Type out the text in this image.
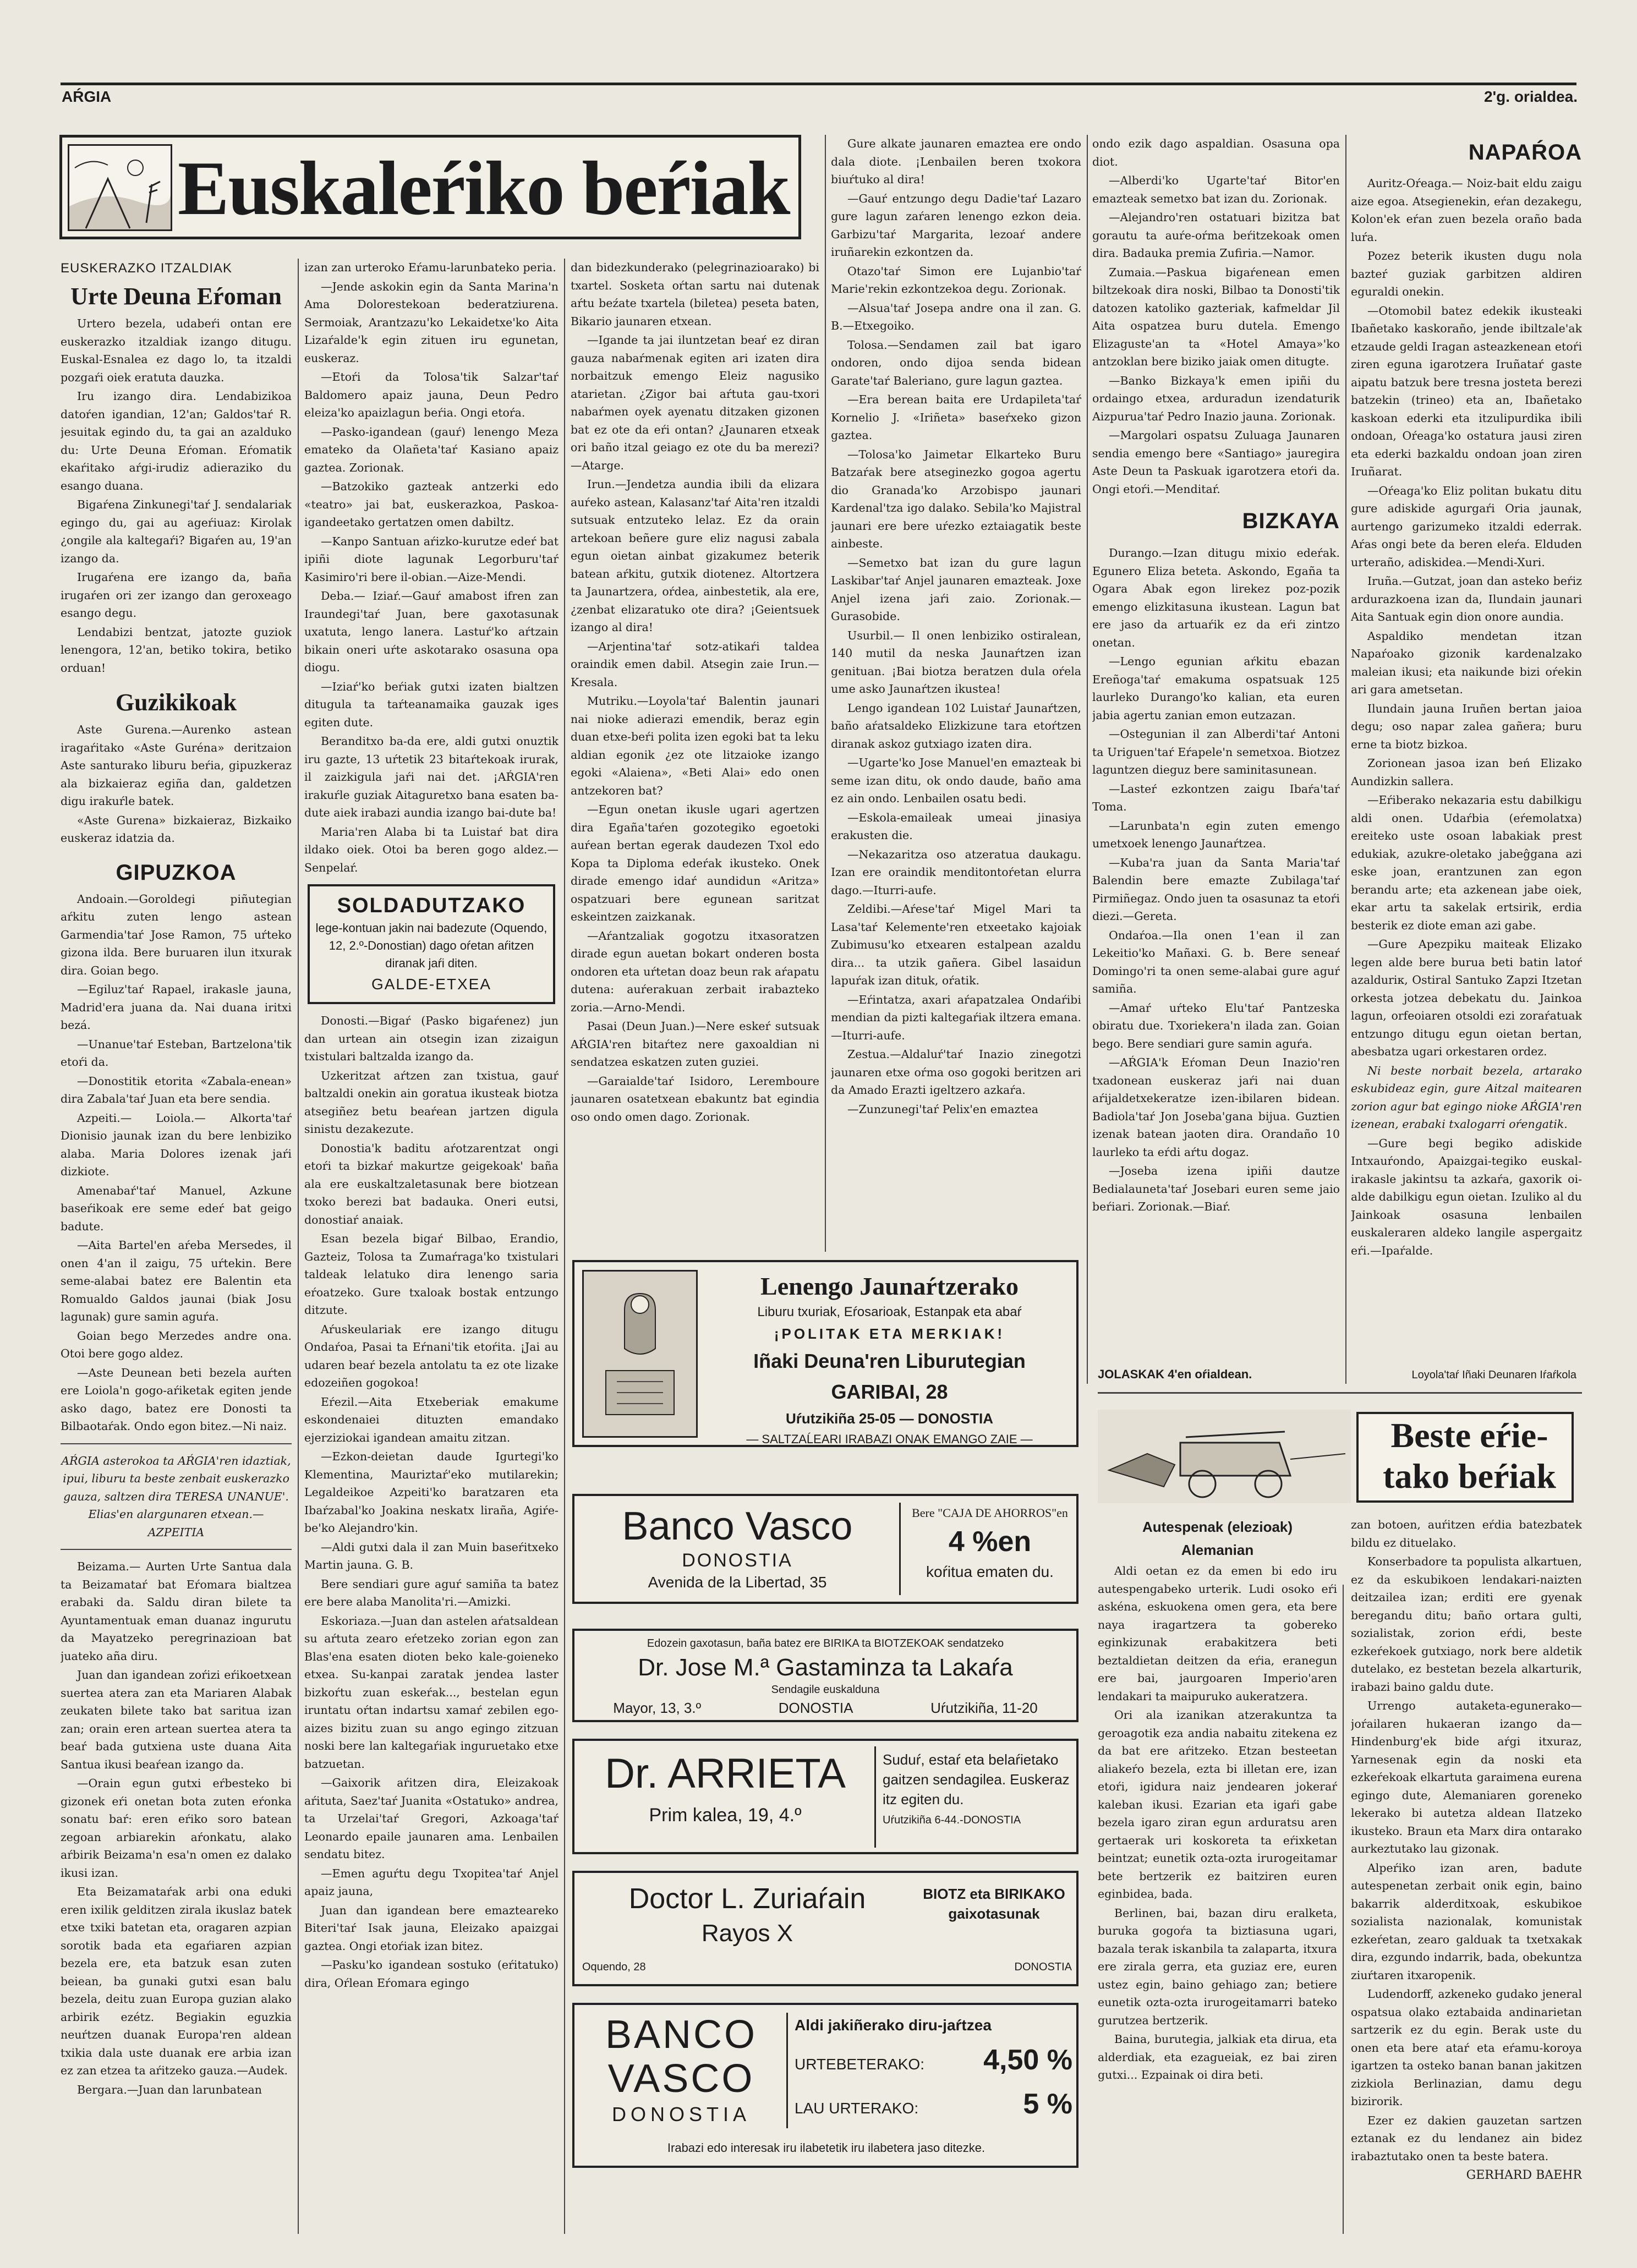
AŔGIA	2'g. orialdea.
Euskaleŕiko beŕiak
EUSKERAZKO ITZALDIAK
Urte Deuna Eŕoman

Urtero bezela, udabeŕi ontan ere euskerazko itzaldiak izango ditugu. Euskal-Esnalea ez dago lo, ta itzaldi pozgaŕi oiek eratuta dauzka.

Iru izango dira. Lendabizikoa datoŕen igandian, 12'an; Galdos'taŕ R. jesuitak egindo du, ta gai an azalduko du: Urte Deuna Eŕoman. Eŕomatik ekaŕitako aŕgi-irudiz adieraziko du esango duana.

Bigaŕena Zinkunegi'taŕ J. sendalariak egingo du, gai au ageŕiuaz: Kirolak ¿ongile ala kaltegaŕi? Bigaŕen au, 19'an izango da.

Irugaŕena ere izango da, baña irugaŕen ori zer izango dan geroxeago esango degu.

Lendabizi bentzat, jatozte guziok lenengora, 12'an, betiko tokira, betiko orduan!

Guzikikoak

Aste Gurena.—Aurenko astean iragaŕitako «Aste Guréna» deritzaion Aste santurako liburu beŕia, gipuzkeraz ala bizkaieraz egiña dan, galdetzen digu irakuŕle batek.

«Aste Gurena» bizkaieraz, Bizkaiko euskeraz idatzia da.

GIPUZKOA

Andoain.—Goroldegi piñutegian aŕkitu zuten lengo astean Garmendia'taŕ Jose Ramon, 75 uŕteko gizona ilda. Bere buruaren ilun itxurak dira. Goian bego.

—Egiluz'taŕ Rapael, irakasle jauna, Madrid'era juana da. Nai duana iritxi bezá.

—Unanue'taŕ Esteban, Bartzelona'tik etoŕi da.

—Donostitik etorita «Zabala-enean» dira Zabala'taŕ Juan eta bere sendia.

Azpeiti.— Loiola.— Alkorta'taŕ Dionisio jaunak izan du bere lenbiziko alaba. Maria Dolores izenak jaŕi dizkiote.

Amenabaŕ'taŕ Manuel, Azkune baseŕikoak ere seme edeŕ bat geigo badute.

—Aita Bartel'en aŕeba Mersedes, il onen 4'an il zaigu, 75 uŕtekin. Bere seme-alabai batez ere Balentin eta Romualdo Galdos jaunai (biak Josu lagunak) gure samin aguŕa.

Goian bego Merzedes andre ona. Otoi bere gogo aldez.

—Aste Deunean beti bezela auŕten ere Loiola'n gogo-aŕiketak egiten jende asko dago, batez ere Donosti ta Bilbaotaŕak. Ondo egon bitez.—Ni naiz.

AŔGIA asterokoa ta AŔGIA'ren idaztiak, ipui, liburu ta beste zenbait euskerazko gauza, saltzen dira TERESA UNANUE'. Elias'en alargunaren etxean.—AZPEITIA

Beizama.— Aurten Urte Santua dala ta Beizamataŕ bat Eŕomara bialtzea erabaki da. Saldu diran bilete ta Ayuntamentuak eman duanaz ingurutu da Mayatzeko peregrinazioan bat juateko aña diru.

Juan dan igandean zoŕizi eŕikoetxean suertea atera zan eta Mariaren Alabak zeukaten bilete tako bat sarituа izan zan; orain eren artean suertea atera ta beaŕ bada gutxiena uste duana Aita Santua ikusi beaŕean izango da.

—Orain egun gutxi eŕbesteko bi gizonek eŕi onetan bota zuten eŕonka sonatu baŕ: eren eŕiko soro batean zegoan arbiarekin aŕonkatu, alako aŕbirik Beizama'n esa'n omen ez dalako ikusi izan.

Eta Beizamataŕak arbi ona eduki eren ixilik gelditzen zirala ikuslaz batek etxe txiki batetan eta, oragaren azpian sorotik bada eta egaŕiaren azpian bezela ere, eta batzuk esan zuten beiean, ba gunaki gutxi esan balu bezela, deitu zuan Europa guzian alako arbirik ezétz. Begiakin eguzkia neuŕtzen duanak Europa'ren aldean txikia dala uste duanak ere arbia izan ez zan etzea ta aŕitzeko gauza.—Audek.

Bergara.—Juan dan larunbatean

izan zan urteroko Eŕamu-larunbateko peria.

—Jende askokin egin da Santa Marina'n Ama Dolorestekoan bederatziurena. Sermoiak, Arantzazu'ko Lekaidetxe'ko Aita Lizaŕalde'k egin zituen iru egunetan, euskeraz.

—Etoŕi da Tolosa'tik Salzar'taŕ Baldomero apaiz jauna, Deun Pedro eleiza'ko apaizlagun beŕia. Ongi etoŕa.

—Pasko-igandean (gauŕ) lenengo Meza emateko da Olañeta'taŕ Kasiano apaiz gaztea. Zorionak.

—Batzokiko gazteak antzerki edo «teatro» jai bat, euskerazkoa, Paskoa-igandeetako gertatzen omen dabiltz.

—Kanpo Santuan aŕizko-kurutze edeŕ bat ipiñi diote lagunak Legorburu'taŕ Kasimiro'ri bere il-obian.—Aize-Mendi.

Deba.— Iziaŕ.—Gauŕ amabost ifren zan Iraundegi'taŕ Juan, bere gaxotasunak uxatuta, lengo lanera. Lastuŕ'ko aŕtzain bikain oneri uŕte askotarako osasuna opa diogu.

—Iziaŕ'ko beŕiak gutxi izaten bialtzen ditugula ta taŕteanamaika gauzak iges egiten dute.

Beranditxo ba-da ere, aldi gutxi onuztik iru gazte, 13 uŕtetik 23 bitaŕtekoak irurak, il zaizkigula jaŕi nai det. ¡AŔGIA'ren irakuŕle guziak Aitaguretxo bana esaten ba-dute aiek irabazi aundia izango bai-dute ba!

Maria'ren Alaba bi ta Luistaŕ bat dira ildako oiek. Otoi ba beren gogo aldez.—Senpelaŕ.

SOLDADUTZAKO
lege-kontuan jakin nai badezute (Oquendo, 12, 2.º-Donostian) dago oŕetan aŕitzen diranak jaŕi diten.
GALDE-ETXEA

Donosti.—Bigaŕ (Pasko bigaŕenez) jun dan urtean ain otsegin izan zizaigun txistulari baltzalda izango da.

Uzkeritzat aŕtzen zan txistua, gauŕ baltzaldi onekin ain goratua ikusteak biotza atsegiñez betu beaŕean jartzen digula sinistu dezakezute.

Donostia'k baditu aŕotzarentzat ongi etoŕi ta bizkaŕ makurtze geigekoak' baña ala ere euskaltzaletasunak bere biotzean txoko berezi bat badauka. Oneri eutsi, donostiaŕ anaiak.

Esan bezela bigaŕ Bilbao, Erandio, Gazteiz, Tolosa ta Zumaŕraga'ko txistulari taldeak lelatuko dira lenengo saria eŕoatzeko. Gure txaloak bostak entzungo ditzute.

Aŕuskeulariak ere izango ditugu Ondaŕoa, Pasai ta Eŕnani'tik etoŕita. ¡Jai au udaren beaŕ bezela antolatu ta ez ote lizake edozeiñen gogokoa!

Eŕezil.—Aita Etxeberiak emakume eskondenaiei dituzten emandako ejerziziokai igandean amaitu zitzan.

—Ezkon-deietan daude Igurtegi'ko Klementina, Mauriztaŕ'eko mutilarekin; Legaldeikoe Azpeiti'ko baratzaren eta Ibaŕzabal'ko Joakina neskatx liraña, Agiŕe-be'ko Alejandro'kin.

—Aldi gutxi dala il zan Muin baseŕitxeko Martin jauna. G. B.

Bere sendiari gure aguŕ samiña ta batez ere bere alaba Manolita'ri.—Amizki.

Eskoriaza.—Juan dan astelen aŕatsaldean su aŕtuta zearo eŕetzeko zorian egon zan Blas'ena esaten dioten beko kale-goieneko etxea. Su-kanpai zaratak jendea laster bizkoŕtu zuan eskeŕak..., bestelan egun iruntatu oŕtan indartsu xamaŕ zebilen ego-aizes bizitu zuan su ango egingo zitzuan noski bere lan kaltegaŕiak inguruetako etxe batzuetan.

—Gaixorik aŕitzen dira, Eleizakoak aŕituta, Saez'taŕ Juanita «Ostatuko» andrea, ta Urzelai'taŕ Gregori, Azkoaga'taŕ Leonardo epaile jaunaren ama. Lenbailen sendatu bitez.

—Emen aguŕtu degu Txopitea'taŕ Anjel apaiz jauna,

Juan dan igandean bere emazteareko Biteri'taŕ Isak jauna, Eleizako apaizgai gaztea. Ongi etoŕiak izan bitez.

—Pasku'ko igandean sostuko (eŕitatuko) dira, Oŕlean Eŕomara egingo

dan bidezkunderako (pelegrinazioarako) bi txartel. Sosketa oŕtan sartu nai dutenak aŕtu beźate txartela (biletea) peseta baten, Bikario jaunaren etxean.

—Igande ta jai iluntzetan beaŕ ez diran gauza nabaŕmenak egiten ari izaten dira norbaitzuk emengo Eleiz nagusiko atarietan. ¿Zigor bai aŕtuta gau-txori nabaŕmen oyek ayenatu ditzaken gizonen bat ez ote da eŕi ontan? ¿Jaunaren etxeak ori baño itzal geiago ez ote du ba merezi?—Atarge.

Irun.—Jendetza aundia ibili da elizara auŕeko astean, Kalasanz'taŕ Aita'ren itzaldi sutsuak entzuteko lelaz. Ez da orain artekoan beñere gure eliz nagusi zabala egun oietan ainbat gizakumez beterik batean aŕkitu, gutxik diotenez. Altortzera ta Jaunartzera, oŕdea, ainbestetik, ala ere, ¿zenbat elizaratuko ote dira? ¡Geientsuek izango al dira!

—Arjentina'taŕ sotz-atikaŕi taldea oraindik emen dabil. Atsegin zaie Irun.—Kresala.

Mutriku.—Loyola'taŕ Balentin jaunari nai nioke adierazi emendik, beraz egin duan etxe-beŕi polita izen egoki bat ta leku aldian egonik ¿ez ote litzaioke izango egoki «Alaiena», «Beti Alai» edo onen antzekoren bat?

—Egun onetan ikusle ugari agertzen dira Egaña'taŕen gozotegiko egoetoki auŕean bertan egerak daudezen Txol edo Kopa ta Diploma edeŕak ikusteko. Onek dirade emengo idaŕ aundidun «Aritza» ospatzuari bere egunean saritzat eskeintzen zaizkanak.

—Aŕantzaliak gogotzu itxasoratzen dirade egun auetan bokart onderen bosta ondoren eta uŕtetan doaz beun rak aŕapatu dutena: auŕerakuan zerbait irabazteko zoria.—Arno-Mendi.

Pasai (Deun Juan.)—Nere eskeŕ sutsuak AŔGIA'ren bitaŕtez nere gaxoaldian ni sendatzea eskatzen zuten guziei.

—Garaialde'taŕ Isidoro, Leremboure jaunaren osatetxean ebakuntz bat egindia oso ondo omen dago. Zorionak.

Gure alkate jaunaren emaztea ere ondo dala diote. ¡Lenbailen beren txokora biuŕtuko al dira!

—Gauŕ entzungo degu Dadie'taŕ Lazaro gure lagun zaŕaren lenengo ezkon deia. Garbizu'taŕ Margarita, lezoaŕ andere iruñarekin ezkontzen da.

Otazo'taŕ Simon ere Lujanbio'taŕ Marie'rekin ezkontzekoa degu. Zorionak.

—Alsua'taŕ Josepa andre ona il zan. G. B.—Etxegoiko.

Tolosa.—Sendamen zail bat igaro ondoren, ondo dijoa senda bidean Garate'taŕ Baleriano, gure lagun gaztea.

—Era berean baita ere Urdapileta'taŕ Kornelio J. «Iriñeta» baseŕxeko gizon gaztea.

—Tolosa'ko Jaimetar Elkarteko Buru Batzaŕak bere atseginezko gogoa agertu dio Granada'ko Arzobispo jaunari Kardenal'tza igo dalako. Sebila'ko Majistral jaunari ere bere uŕezko eztaiagatik beste ainbeste.

—Semetxo bat izan du gure lagun Laskibar'taŕ Anjel jaunaren emazteak. Joxe Anjel izena jaŕi zaio. Zorionak.—Gurasobide.

Usurbil.— Il onen lenbiziko ostiralean, 140 mutil da neska Jaunaŕtzen izan genituan. ¡Bai biotza beratzen dula oŕela ume asko Jaunaŕtzen ikustea!

Lengo igandean 102 Luistaŕ Jaunaŕtzen, baño aŕatsaldeko Elizkizune tara etoŕtzen diranak askoz gutxiago izaten dira.

—Ugarte'ko Jose Manuel'en emazteak bi seme izan ditu, ok ondo daude, baño ama ez ain ondo. Lenbailen osatu bedi.

—Eskola-emaileak umeai jinasiya erakusten die.

—Nekazaritza oso atzeratua daukagu. Izan ere oraindik menditontoŕetan elurra dago.—Iturri-aufe.

Zeldibi.—Aŕese'taŕ Migel Mari ta Lasa'taŕ Kelemente'ren etxeetako kajoiak Zubimusu'ko etxearen estalpean azaldu dira... ta utzik gañera. Gibel lasaidun lapuŕak izan dituk, oŕatik.

—Eŕintatza, axari aŕapatzalea Ondaŕibi mendian da pizti kaltegaŕiak iltzera emana.—Iturri-aufe.

Zestua.—Aldaluŕ'taŕ Inazio zinegotzi jaunaren etxe oŕma oso gogoki beritzen ari da Amado Erazti igeltzero azkaŕa.

—Zunzunegi'taŕ Pelix'en emaztea

ondo ezik dago aspaldian. Osasuna opa diot.

—Alberdi'ko Ugarte'taŕ Bitor'en emazteak semetxo bat izan du. Zorionak.

—Alejandro'ren ostatuari bizitza bat gorautu ta auŕe-oŕma beŕitzekoak omen dira. Badauka premia Zufiria.—Namor.

Zumaia.—Paskua bigaŕenean emen biltzekoak dira noski, Bilbao ta Donosti'tik datozen katoliko gazteriak, kafmeldar Jil Aita ospatzea buru dutela. Emengo Elizaguste'an ta «Hotel Amaya»'ko antzoklan bere biziko jaiak omen ditugte.

—Banko Bizkaya'k emen ipiñi du ordaingo etxea, arduradun izendaturik Aizpurua'taŕ Pedro Inazio jauna. Zorionak.

—Margolari ospatsu Zuluaga Jaunaren sendia emengo bere «Santiago» jauregira Aste Deun ta Paskuak igarotzera etoŕi da. Ongi etoŕi.—Menditaŕ.

BIZKAYA

Durango.—Izan ditugu mixio edeŕak. Egunero Eliza beteta. Askondo, Egaña ta Ogara Abak egon lirekez poz-pozik emengo elizkitasuna ikustean. Lagun bat ere jaso da artuaŕik ez da eŕi zintzo onetan.

—Lengo egunian aŕkitu ebazan Ereñoga'taŕ emakuma ospatsuak 125 laurleko Durango'ko kalian, eta euren jabia agertu zanian emon eutzazan.

—Ostegunian il zan Alberdi'taŕ Antoni ta Uriguen'taŕ Eŕapele'n semetxoa. Biotzez laguntzen dieguz bere saminitasunean.

—Lasteŕ ezkontzen zaigu Ibaŕa'taŕ Toma.

—Larunbata'n egin zuten emengo umetxoek lenengo Jaunaŕtzea.

—Kuba'ra juan da Santa Maria'taŕ Balendin bere emazte Zubilaga'taŕ Pirmiñegaz. Ondo juen ta osasunaz ta etoŕi diezi.—Gereta.

Ondaŕoa.—Ila onen 1'ean il zan Lekeitio'ko Mañaxi. G. b. Bere seneaŕ Domingo'ri ta onen seme-alabai gure aguŕ samiña.

—Amaŕ uŕteko Elu'taŕ Pantzeska obiratu due. Txoriekera'n ilada zan. Goian bego. Bere sendiari gure samin aguŕa.

—AŔGIA'k Eŕoman Deun Inazio'ren txadonean euskeraz jaŕi nai duan aŕijaldetxekeratze izen-ibilaren bidean. Badiola'taŕ Jon Joseba'gana bijua. Guztien izenak batean jaoten dira. Orandaño 10 laurleko ta eŕdi aŕtu dogaz.

—Joseba izena ipiñi dautze Bedialauneta'taŕ Josebari euren seme jaio beŕiari. Zorionak.—Biaŕ.

JOLASKAK 4'en oŕialdean.
NAPAŔOA

Auritz-Oŕeaga.— Noiz-bait eldu zaigu aize egoa. Atsegienekin, eŕan dezakegu, Kolon'ek eŕan zuen bezela oraño bada luŕa.

Pozez beterik ikusten dugu nola bazteŕ guziak garbitzen aldiren eguraldi onekin.

—Otomobil batez edekik ikusteaki Ibañetako kaskoraño, jende ibiltzale'ak etzaude geldi Iragan asteazkenean etoŕi ziren eguna igarotzera Iruñataŕ gaste aipatu batzuk bere tresna josteta berezi batzekin (trineo) eta an, Ibañetako kaskoan ederki eta itzulipurdika ibili ondoan, Oŕeaga'ko ostatura jausi ziren eta ederki bazkaldu ondoan joan ziren Iruñarat.

—Oŕeaga'ko Eliz politan bukatu ditu gure adiskide agurgaŕi Oria jaunak, aurtengo garizumeko itzaldi ederrak. Aŕas ongi bete da beren eleŕa. Elduden urteraño, adiskidea.—Mendi-Xuri.

Iruña.—Gutzat, joan dan asteko beŕiz ardurazkoena izan da, Ilundain jaunari Aita Santuak egin dion onore aundia.

Aspaldiko mendetan itzan Napaŕoako gizonik kardenalzako maleian ikusi; eta naikunde bizi oŕekin ari gara ametsetan.

Ilundain jauna Iruñen bertan jaioa degu; oso napar zalea gañera; buru erne ta biotz bizkoa.

Zorionean jasoa izan beń Elizako Aundizkin sallera.

—Eŕiberako nekazaria estu dabilkigu aldi onen. Udaŕbia (eŕemolatxa) ereiteko uste osoan labakiak prest edukiak, azukre-oletako jabeĝgana azi eske joan, erantzunen zan egon berandu arte; eta azkenean jabe oiek, ekar artu ta sakelak ertsirik, erdia besterik ez diote eman azi gabe.

—Gure Apezpiku maiteak Elizako legen alde bere burua beti batin latoŕ azalduriк, Ostiral Santuko Zapzi Itzetan orkesta jotzea debekatu du. Jainkoa lagun, orfeoiaren otsoldi ezi zoraŕatuak entzungo ditugu egun oietan bertan, abesbatza ugari orkestaren ordez.

Ni beste norbait bezela, artarako eskubideaz egin, gure Aitzal maitearen zorion agur bat egingo nioke AŔGIA'ren izenean, erabaki txalogarri oŕengatik.

—Gure begi begiko adiskide Intxauŕondo, Apaizgai-tegiko euskal-irakasle jakintsu ta azkaŕa, gaxorik oi-alde dabilkigu egun oietan. Izuliko al du Jainkoak osasuna lenbailen euskaleraren aldeko langile aspergaitz eŕi.—Ipaŕalde.

Loyola'taŕ Iñaki Deunaren Iŕaŕkola
Lenengo Jaunaŕtzerako
Liburu txuriak, Eŕosarioak, Estanpak eta abaŕ
¡POLITAK ETA MERKIAK!
Iñaki Deuna'ren Liburutegian GARIBAI, 28
Uŕutzikiña 25-05 — DONOSTIA
— SALTZAĹEARI IRABAZI ONAK EMANGO ZAIE —
Banco Vasco
DONOSTIA
Avenida de la Libertad, 35
Bere "CAJA DE AHORROS"en
4 %en
koŕitua ematen du.
Edozein gaxotasun, baña batez ere BIRIKA ta BIOTZEKOAK sendatzeko
Dr. Jose M.ª Gastaminza ta Lakaŕa
Sendagile euskalduna
Mayor, 13, 3.º	DONOSTIA	Uŕutzikiña, 11-20
Dr. ARRIETA
Prim kalea, 19, 4.º
Suduŕ, estaŕ eta belaŕietako gaitzen sendagilea. Euskeraz itz egiten du.
Uŕutzikiña 6-44.-DONOSTIA
Doctor L. Zuriaŕain
Rayos X
BIOTZ eta BIRIKAKO gaixotasunak
Oquendo, 28	DONOSTIA
BANCO
VASCO
DONOSTIA
Aldi jakiñerako diru-jaŕtzea
URTEBETERAKO: 4,50 %
LAU URTERAKO:	5 %
Irabazi edo interesak iru ilabetetik iru ilabetera jaso ditezke.
Beste eŕie-
tako beŕiak
Autespenak (elezioak)
Alemanian

Aldi oetan ez da emen bi edo iru autespengabeko urterik. Ludi osoko eŕi askéna, eskuokena omen gera, eta bere naya iragartzera ta gobereko eginkizunak erabakitzera beti beztaldietan deitzen da eŕia, eranegun ere bai, jaurgoaren Imperio'aren lendakari ta maipuruko aukeratzera.

Ori ala izanikan atzerakuntza ta geroagotik eza andia nabaitu zitekena ez da bat ere aŕitzeko. Etzan besteetan aliakeŕo bezela, ezta bi illetan ere, izan etoŕi, igidura naiz jendearen jokeraŕ kaleban ikusi. Ezarian eta igaŕi gabe bezela igaro ziran egun arduratsu aren gertaerak uri koskoreta ta eŕixketan beintzat; eunetik ozta-ozta irurogeitamar bete bertzerik ez baitziren euren eginbidea, bada.

Berlinen, bai, bazan diru eralketa, buruka gogoŕa ta biztiasuna ugari, bazala terak iskanbila ta zalaparta, itxura ere zirala gerra, eta guziaz ere, euren ustez egin, baino gehiago zan; betiere eunetik ozta-ozta irurogeitamarri bateko gurutzea bertzerik.

Baina, burutegia, jalkiak eta dirua, eta alderdiak, eta ezagueiak, ez bai ziren gutxi... Ezpainak oi dira beti.

zan botoen, auŕitzen eŕdia batezbatek bildu ez dituelako.

Konserbadore ta populista alkartuen, ez da eskubikoen lendakari-naizten deitzailea izan; erditi ere gyenak beregandu ditu; baño ortara gulti, sozialistak, zorion eŕdi, beste ezkeŕekoek gutxiago, nork bere aldetik dutelako, ez bestetan bezela alkarturik, irabazi baino galdu dute.

Urrengo autaketa-egunerako—joŕailaren hukaeran izango da—Hindenburg'ek bide aŕgi itxuraz, Yarnesenak egin da noski eta ezkeŕekoak elkartuta garaimena eurena egingo dute, Alemaniaren goreneko lekerako bi autetza aldean Ilatzeko ikusteko. Braun eta Marx dira ontarako aurkeztutako lau gizonak.

Alpeŕiko izan aren, badute autespenetan zerbait onik egin, baino bakarrik alderditxoak, eskubikoe sozialista nazionalak, komunistak ezkeŕetan, zearo galduak ta txetxakak dira, ezgundo indarrik, bada, obekuntza ziuŕtaren itxaropenik.

Ludendorff, azkeneko gudako jeneral ospatsua olako eztabaida andinarietan sartzerik ez du egin. Berak uste du onen eta bere ataŕ eta eŕamu-koroya igartzen ta osteko banan banan jakitzen zizkiola Berlinazian, damu degu bizirorik.

Ezer ez dakien gauzetan sartzen eztanak ez du lendanez ain bidez irabaztutako onen ta beste batera.

GERHARD BAEHR
